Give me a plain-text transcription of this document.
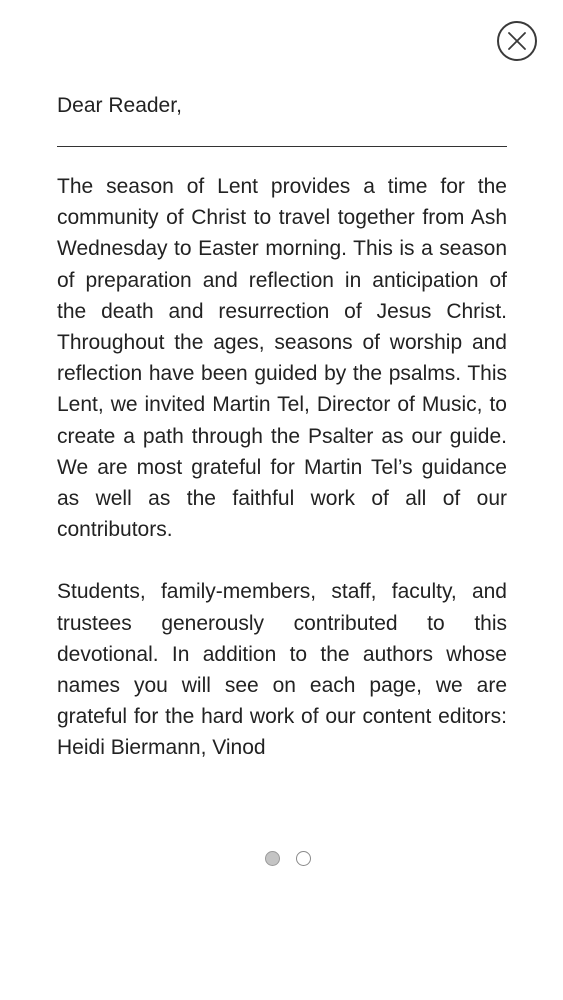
Dear Reader,

The season of Lent provides a time for the community of Christ to travel together from Ash Wednesday to Easter morning. This is a season of preparation and reflection in anticipation of the death and resurrection of Jesus Christ. Throughout the ages, seasons of worship and reflection have been guided by the psalms. This Lent, we invited Martin Tel, Director of Music, to create a path through the Psalter as our guide. We are most grateful for Martin Tel’s guidance as well as the faithful work of all of our contributors.

Students, family-members, staff, faculty, and trustees generously contributed to this devotional. In addition to the authors whose names you will see on each page, we are grateful for the hard work of our content editors: Heidi Biermann, Vinod
